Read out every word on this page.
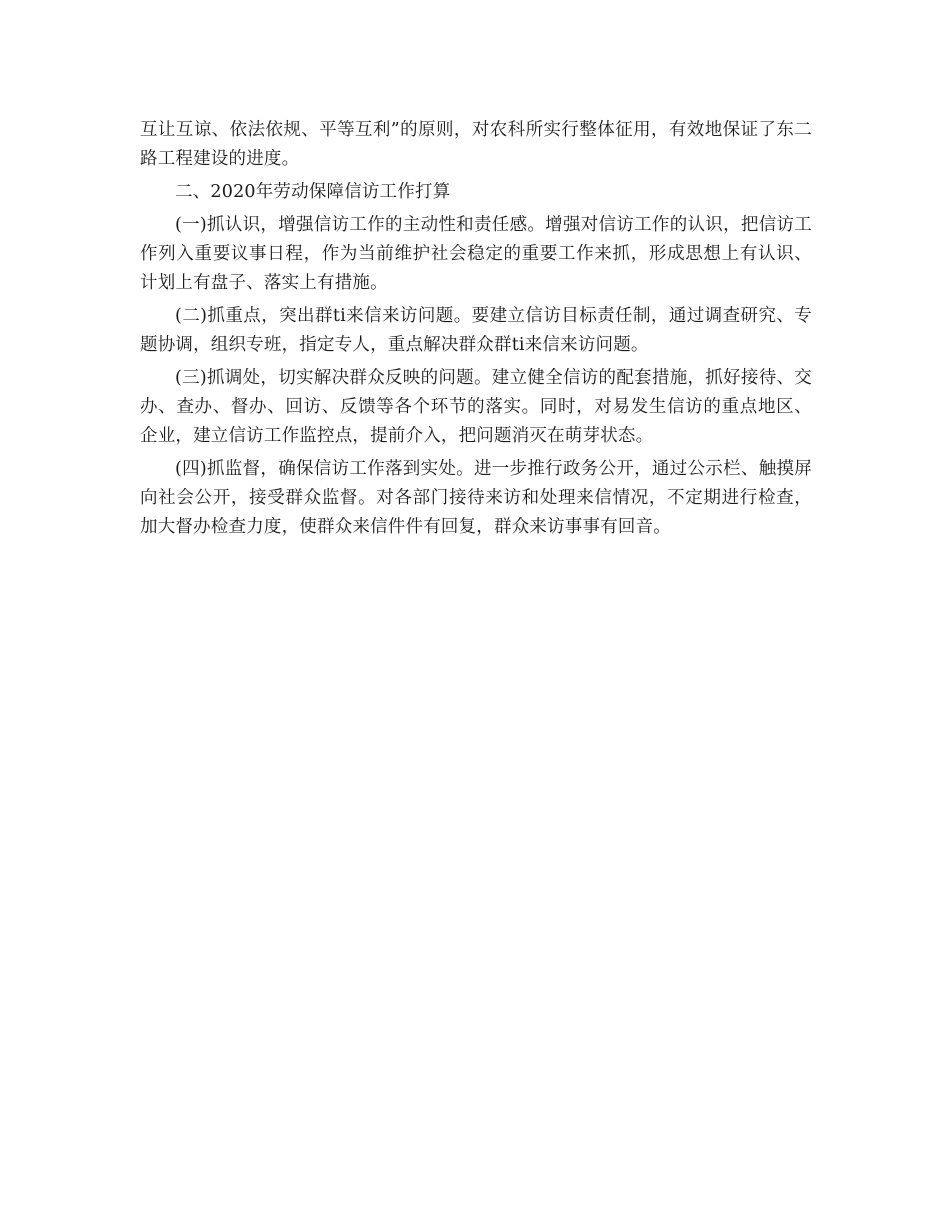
互让互谅、依法依规、平等互利”的原则，对农科所实行整体征用，有效地保证了东二路工程建设的进度。

二、2020年劳动保障信访工作打算

(一)抓认识，增强信访工作的主动性和责任感。增强对信访工作的认识，把信访工作列入重要议事日程，作为当前维护社会稳定的重要工作来抓，形成思想上有认识、计划上有盘子、落实上有措施。

(二)抓重点，突出群ti来信来访问题。要建立信访目标责任制，通过调查研究、专题协调，组织专班，指定专人，重点解决群众群ti来信来访问题。

(三)抓调处，切实解决群众反映的问题。建立健全信访的配套措施，抓好接待、交办、查办、督办、回访、反馈等各个环节的落实。同时，对易发生信访的重点地区、企业，建立信访工作监控点，提前介入，把问题消灭在萌芽状态。

(四)抓监督，确保信访工作落到实处。进一步推行政务公开，通过公示栏、触摸屏向社会公开，接受群众监督。对各部门接待来访和处理来信情况，不定期进行检查，加大督办检查力度，使群众来信件件有回复，群众来访事事有回音。
